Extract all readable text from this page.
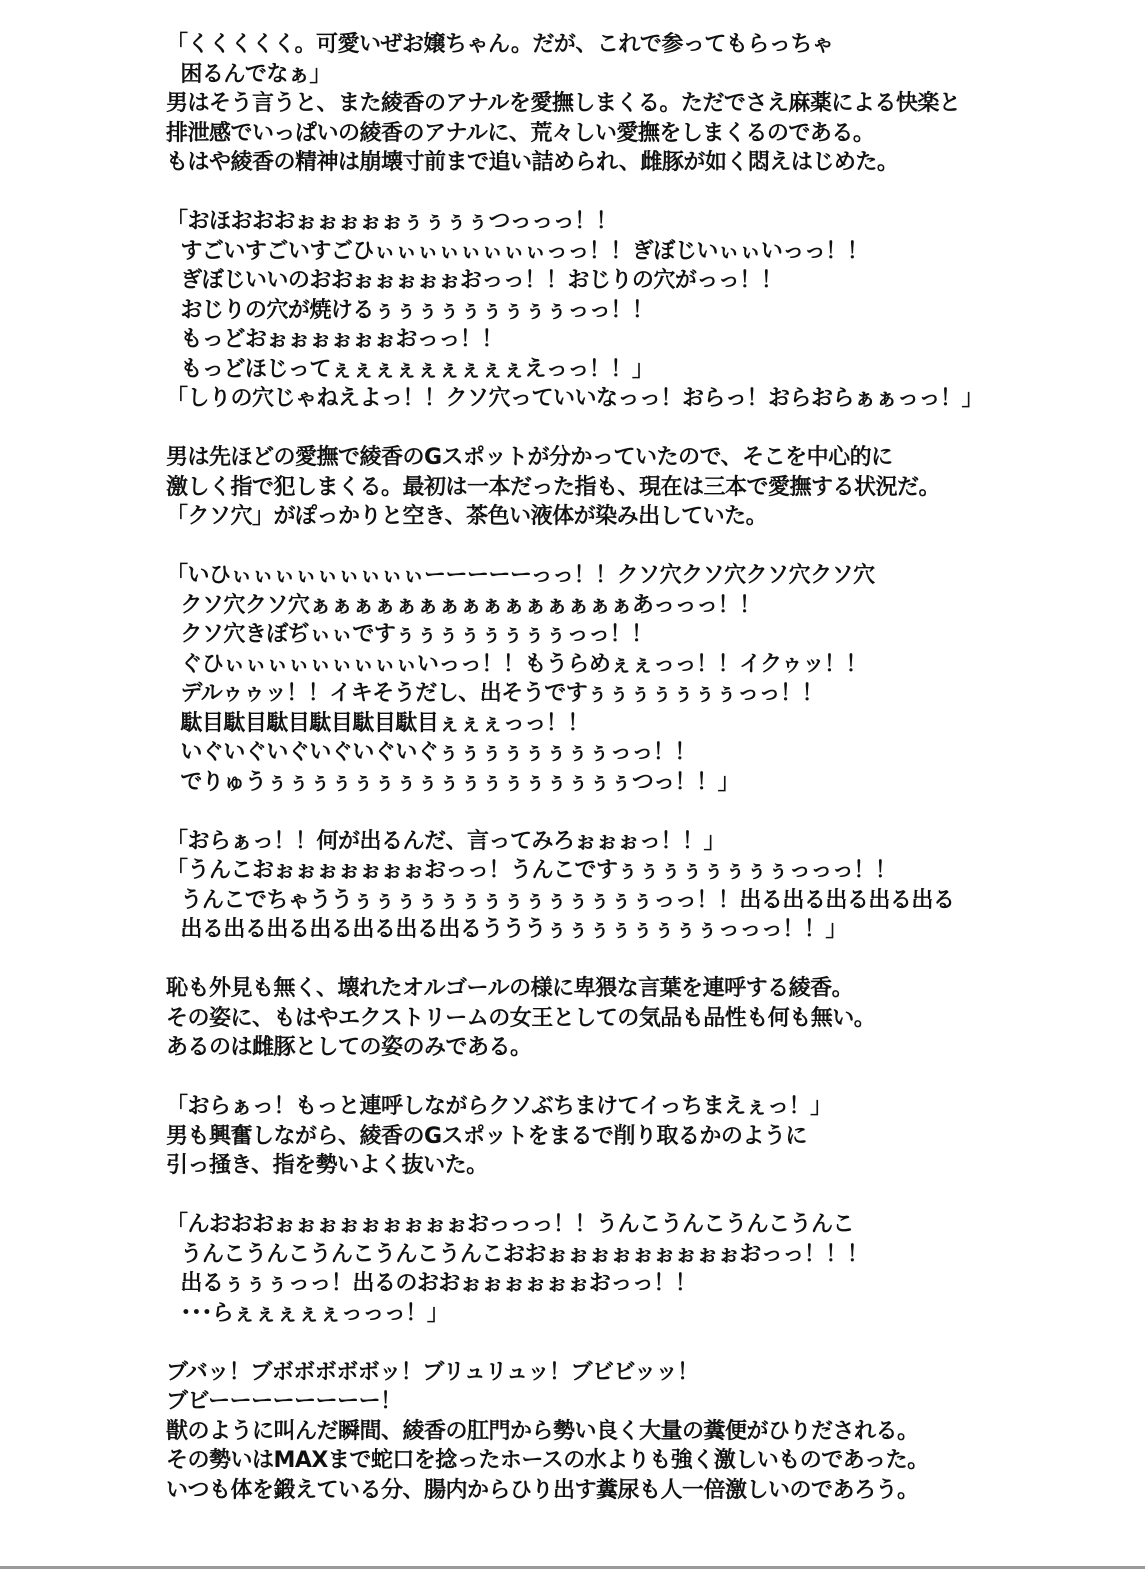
「くくくくく。可愛いぜお嬢ちゃん。だが、これで参ってもらっちゃ
困るんでなぁ」
男はそう言うと、また綾香のアナルを愛撫しまくる。ただでさえ麻薬による快楽と
排泄感でいっぱいの綾香のアナルに、荒々しい愛撫をしまくるのである。
もはや綾香の精神は崩壊寸前まで追い詰められ、雌豚が如く悶えはじめた。
「おほおおおぉぉぉぉぉぅぅぅぅつっっっ！！
すごいすごいすごひぃぃぃぃぃぃぃぃっっ！！ぎぼじいぃぃいっっ！！
ぎぼじいいのおおぉぉぉぉぉおっっ！！おじりの穴がっっ！！
おじりの穴が焼けるぅぅぅぅぅぅぅぅぅっっ！！
もっどおぉぉぉぉぉぉおっっ！！
もっどほじってぇぇぇぇぇぇぇぇぇえっっ！！」
「しりの穴じゃねえよっ！！クソ穴っていいなっっ！おらっ！おらおらぁぁっっ！」
男は先ほどの愛撫で綾香のGスポットが分かっていたので、そこを中心的に
激しく指で犯しまくる。最初は一本だった指も、現在は三本で愛撫する状況だ。
「クソ穴」がぽっかりと空き、茶色い液体が染み出していた。
「いひぃぃぃぃぃぃぃぃぃーーーーーっっ！！クソ穴クソ穴クソ穴クソ穴
クソ穴クソ穴ぁぁぁぁぁぁぁぁぁぁぁぁぁぁぁあっっっ！！
クソ穴きぼぢぃぃですぅぅぅぅぅぅぅぅっっ！！
ぐひぃぃぃぃぃぃぃぃぃいっっ！！もうらめぇぇっっ！！イクゥッ！！
デルゥゥッ！！イキそうだし、出そうですぅぅぅぅぅぅぅっっ！！
駄目駄目駄目駄目駄目駄目ぇぇぇっっ！！
いぐいぐいぐいぐいぐいぐぅぅぅぅぅぅぅぅっっ！！
でりゅうぅぅぅぅぅぅぅぅぅぅぅぅぅぅぅぅぅつっ！！」
「おらぁっ！！何が出るんだ、言ってみろぉぉぉっ！！」
「うんこおぉぉぉぉぉぉぉおっっ！うんこですぅぅぅぅぅぅぅぅっっっ！！
うんこでちゃううぅぅぅぅぅぅぅぅぅぅぅぅぅぅっっ！！出る出る出る出る出る
出る出る出る出る出る出る出るうううぅぅぅぅぅぅぅぅっっっ！！」
恥も外見も無く、壊れたオルゴールの様に卑猥な言葉を連呼する綾香。
その姿に、もはやエクストリームの女王としての気品も品性も何も無い。
あるのは雌豚としての姿のみである。
「おらぁっ！もっと連呼しながらクソぶちまけてイっちまえぇっ！」
男も興奮しながら、綾香のGスポットをまるで削り取るかのように
引っ掻き、指を勢いよく抜いた。
「んおおおぉぉぉぉぉぉぉぉぉおっっっ！！うんこうんこうんこうんこ
うんこうんこうんこうんこうんこおおぉぉぉぉぉぉぉぉぉおっっ！！！
出るぅぅぅっっ！出るのおおぉぉぉぉぉぉおっっ！！
･･･らぇぇぇぇぇっっっ！」
ブバッ！ブボボボボボッ！ブリュリュッ！ブビビッッ！
ブビーーーーーーーー！
獣のように叫んだ瞬間、綾香の肛門から勢い良く大量の糞便がひりだされる。
その勢いはMAXまで蛇口を捻ったホースの水よりも強く激しいものであった。
いつも体を鍛えている分、腸内からひり出す糞尿も人一倍激しいのであろう。
